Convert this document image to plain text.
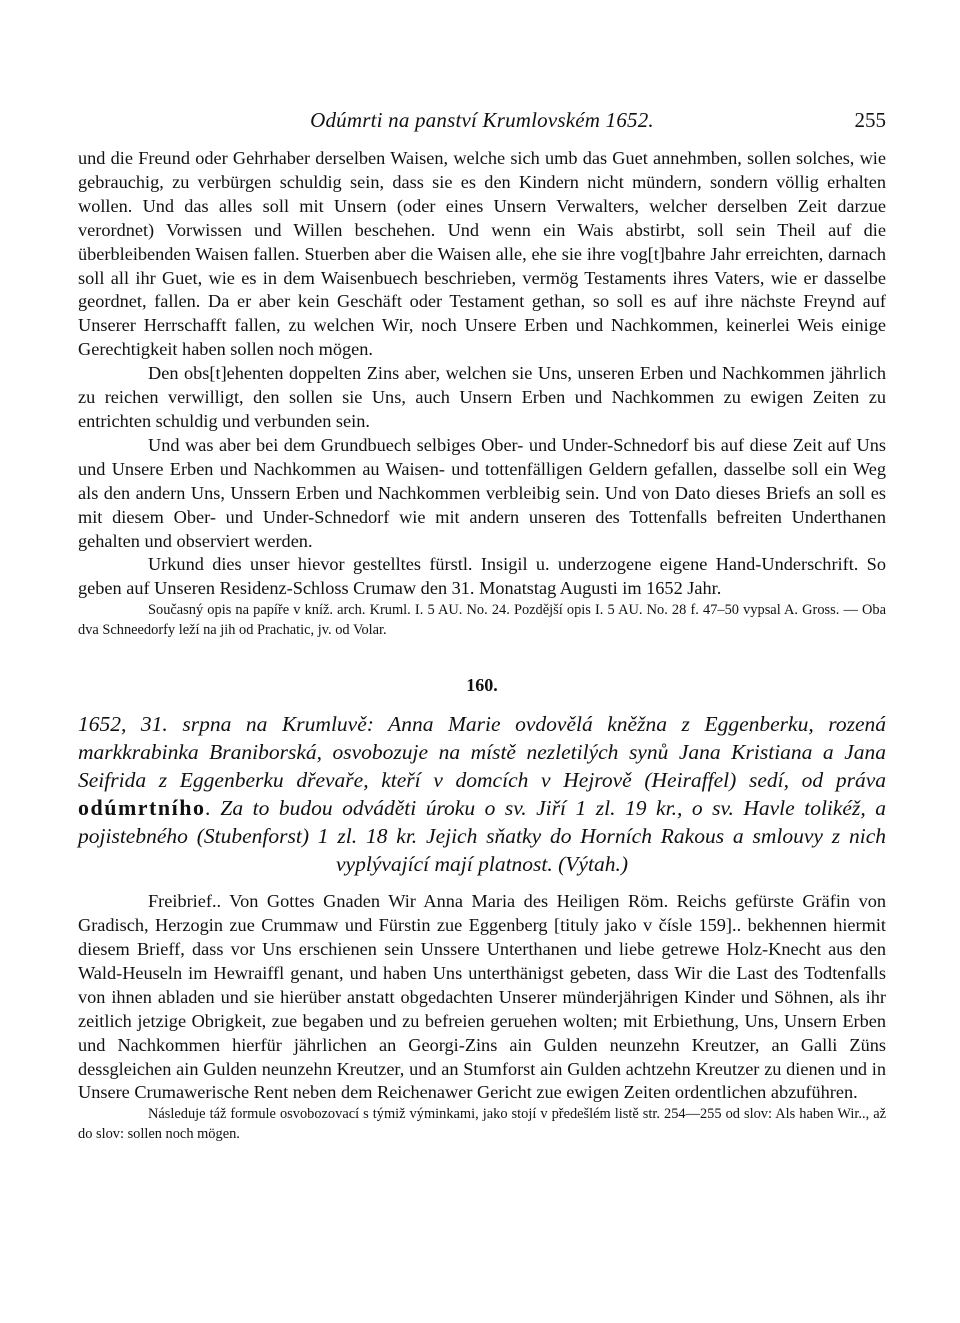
Odúmrti na panství Krumlovském 1652.	255

und die Freund oder Gehrhaber derselben Waisen, welche sich umb das Guet annehmben, sollen solches, wie gebrauchig, zu verbürgen schuldig sein, dass sie es den Kindern nicht mündern, sondern völlig erhalten wollen. Und das alles soll mit Unsern (oder eines Unsern Verwalters, welcher derselben Zeit darzue verordnet) Vorwissen und Willen beschehen. Und wenn ein Wais abstirbt, soll sein Theil auf die überbleibenden Waisen fallen. Stuerben aber die Waisen alle, ehe sie ihre vog[t]bahre Jahr erreichten, darnach soll all ihr Guet, wie es in dem Waisenbuech beschrieben, vermög Testaments ihres Vaters, wie er dasselbe geordnet, fallen. Da er aber kein Geschäft oder Testament gethan, so soll es auf ihre nächste Freynd auf Unserer Herrschafft fallen, zu welchen Wir, noch Unsere Erben und Nachkommen, keinerlei Weis einige Gerechtigkeit haben sollen noch mögen.

Den obs[t]ehenten doppelten Zins aber, welchen sie Uns, unseren Erben und Nachkommen jährlich zu reichen verwilligt, den sollen sie Uns, auch Unsern Erben und Nachkommen zu ewigen Zeiten zu entrichten schuldig und verbunden sein.

Und was aber bei dem Grundbuech selbiges Ober- und Under-Schnedorf bis auf diese Zeit auf Uns und Unsere Erben und Nachkommen au Waisen- und tottenfälligen Geldern gefallen, dasselbe soll ein Weg als den andern Uns, Unssern Erben und Nachkommen verbleibig sein. Und von Dato dieses Briefs an soll es mit diesem Ober- und Under-Schnedorf wie mit andern unseren des Tottenfalls befreiten Underthanen gehalten und observiert werden.

Urkund dies unser hievor gestelltes fürstl. Insigil u. underzogene eigene Hand-Underschrift. So geben auf Unseren Residenz-Schloss Crumaw den 31. Monatstag Augusti im 1652 Jahr.

Současný opis na papíře v kníž. arch. Kruml. I. 5 AU. No. 24. Pozdější opis I. 5 AU. No. 28 f. 47–50 vypsal A. Gross. — Oba dva Schneedorfy leží na jih od Prachatic, jv. od Volar.

160.
1652, 31. srpna na Krumluvě: Anna Marie ovdovělá kněžna z Eggenberku, rozená markkrabinka Braniborská, osvobozuje na místě nezletilých synů Jana Kristiana a Jana Seifrida z Eggenberku dřevaře, kteří v domcích v Hejrově (Heiraffel) sedí, od práva odúmrtního. Za to budou odváděti úroku o sv. Jiří 1 zl. 19 kr., o sv. Havle tolikéž, a pojistebného (Stubenforst) 1 zl. 18 kr. Jejich sňatky do Horních Rakous a smlouvy z nich vyplývající mají platnost. (Výtah.)

Freibrief.. Von Gottes Gnaden Wir Anna Maria des Heiligen Röm. Reichs gefürste Gräfin von Gradisch, Herzogin zue Crummaw und Fürstin zue Eggenberg [tituly jako v čísle 159].. bekhennen hiermit diesem Brieff, dass vor Uns erschienen sein Unssere Unterthanen und liebe getrewe Holz-Knecht aus den Wald-Heuseln im Hewraiffl genant, und haben Uns unterthänigst gebeten, dass Wir die Last des Todtenfalls von ihnen abladen und sie hierüber anstatt obgedachten Unserer münderjährigen Kinder und Söhnen, als ihr zeitlich jetzige Obrigkeit, zue begaben und zu befreien geruehen wolten; mit Erbiethung, Uns, Unsern Erben und Nachkommen hierfür jährlichen an Georgi-Zins ain Gulden neunzehn Kreutzer, an Galli Züns dessgleichen ain Gulden neunzehn Kreutzer, und an Stumforst ain Gulden achtzehn Kreutzer zu dienen und in Unsere Crumawerische Rent neben dem Reichenawer Gericht zue ewigen Zeiten ordentlichen abzuführen.

Následuje táž formule osvobozovací s týmiž výminkami, jako stojí v předešlém listě str. 254—255 od slov: Als haben Wir.., až do slov: sollen noch mögen.
